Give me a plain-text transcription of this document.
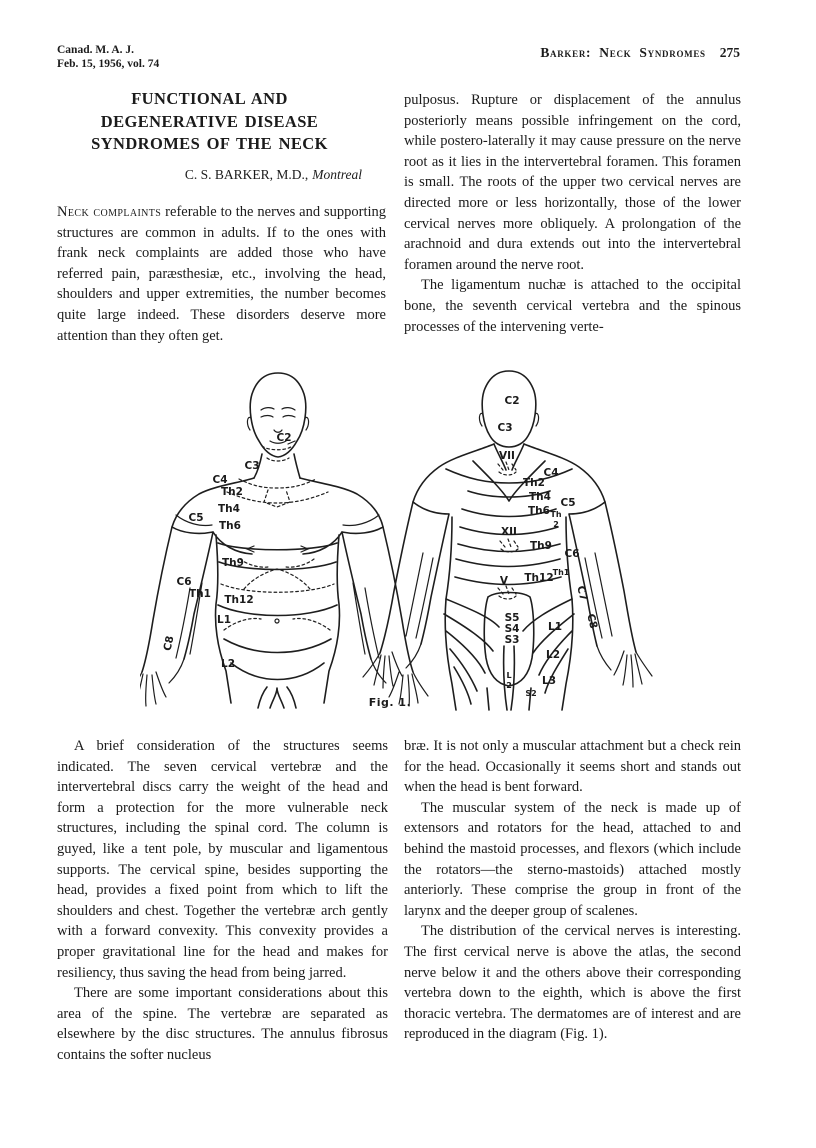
Canad. M. A. J.
Feb. 15, 1956, vol. 74
Barker: Neck Syndromes 275
FUNCTIONAL AND
DEGENERATIVE DISEASE
SYNDROMES OF THE NECK
C. S. BARKER, M.D., Montreal

Neck complaints referable to the nerves and supporting structures are common in adults. If to the ones with frank neck complaints are added those who have referred pain, paræsthesiæ, etc., involving the head, shoulders and upper extremities, the number becomes quite large indeed. These disorders deserve more attention than they often get.

pulposus. Rupture or displacement of the annulus posteriorly means possible infringement on the cord, while postero-laterally it may cause pressure on the nerve root as it lies in the intervertebral foramen. This foramen is small. The roots of the upper two cervical nerves are directed more or less horizontally, those of the lower cervical nerves more obliquely. A prolongation of the arachnoid and dura extends out into the intervertebral foramen around the nerve root.

The ligamentum nuchæ is attached to the occipital bone, the seventh cervical vertebra and the spinous processes of the intervening verte-

C2
C3
C4
Th2
Th4
C5
Th6
Th9
C6
Th1 Th12
L1
C8
L2
C2
C3
VII
C4
Th2
Th4 C5
Th6 Th
2
XII
Th9
C6
Th1
Th12
V
C7
C8
S5
S4
S3
L1
L2
L
2	L3
S2
Fig. 1.

A brief consideration of the structures seems indicated. The seven cervical vertebræ and the intervertebral discs carry the weight of the head and form a protection for the more vulnerable neck structures, including the spinal cord. The column is guyed, like a tent pole, by muscular and ligamentous supports. The cervical spine, besides supporting the head, provides a fixed point from which to lift the shoulders and chest. Together the vertebræ arch gently with a forward convexity. This convexity provides a proper gravitational line for the head and makes for resiliency, thus saving the head from being jarred.

There are some important considerations about this area of the spine. The vertebræ are separated as elsewhere by the disc structures. The annulus fibrosus contains the softer nucleus

bræ. It is not only a muscular attachment but a check rein for the head. Occasionally it seems short and stands out when the head is bent forward.

The muscular system of the neck is made up of extensors and rotators for the head, attached to and behind the mastoid processes, and flexors (which include the rotators—the sterno-mastoids) attached mostly anteriorly. These comprise the group in front of the larynx and the deeper group of scalenes.

The distribution of the cervical nerves is interesting. The first cervical nerve is above the atlas, the second nerve below it and the others above their corresponding vertebra down to the eighth, which is above the first thoracic vertebra. The dermatomes are of interest and are reproduced in the diagram (Fig. 1).
